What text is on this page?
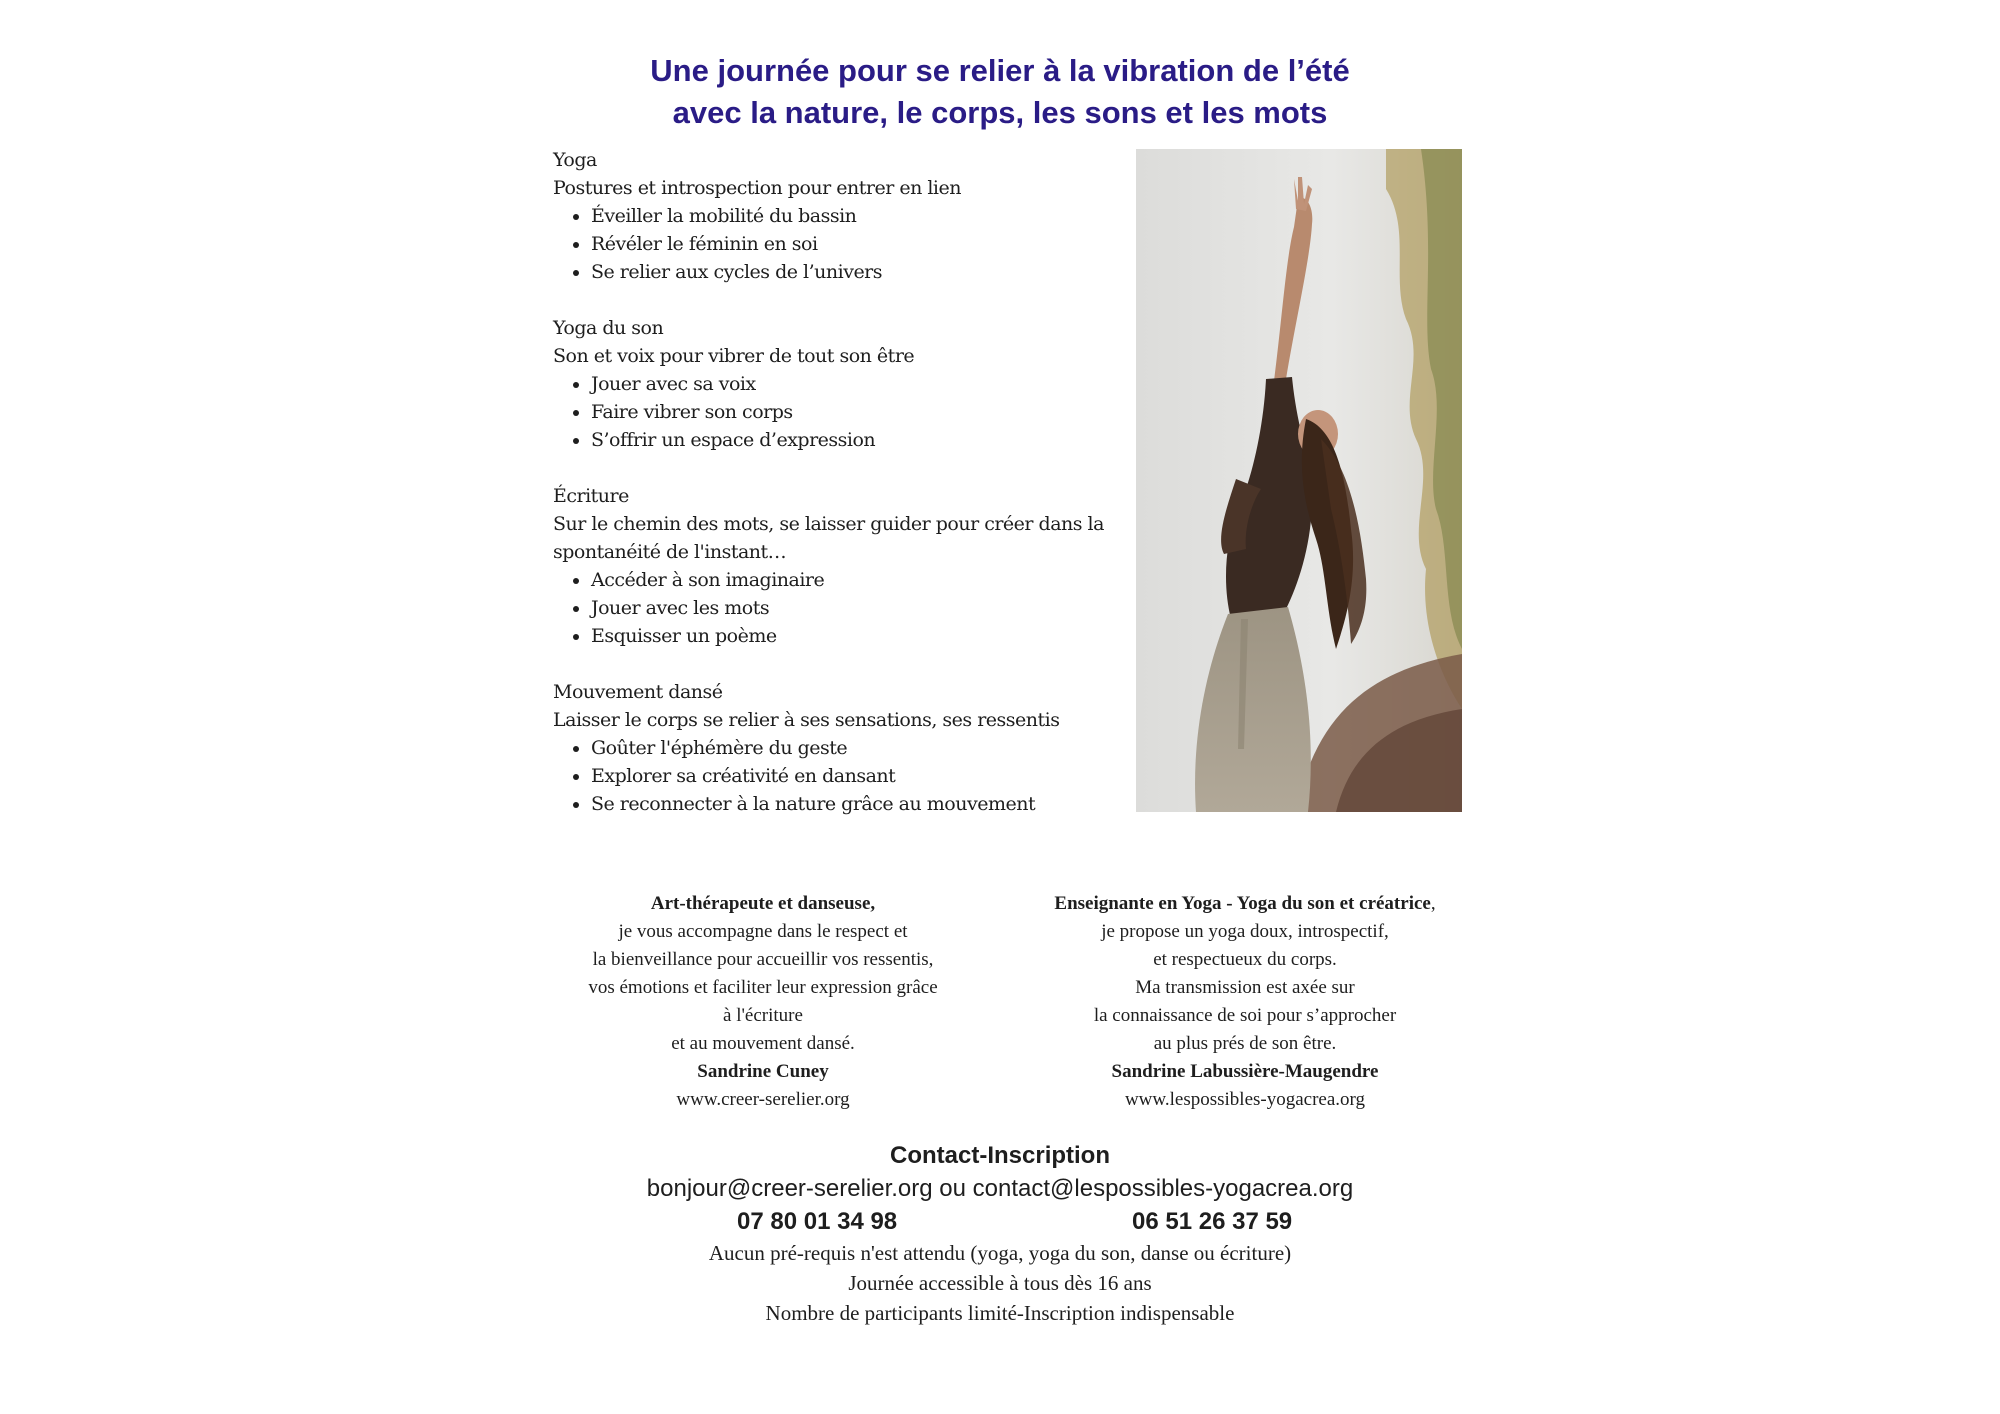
Une journée pour se relier à la vibration de l’été
avec la nature, le corps, les sons et les mots
Yoga
Postures et introspection pour entrer en lien
• Éveiller la mobilité du bassin
• Révéler le féminin en soi
• Se relier aux cycles de l’univers
Yoga du son
Son et voix pour vibrer de tout son être
• Jouer avec sa voix
• Faire vibrer son corps
• S’offrir un espace d’expression
Écriture
Sur le chemin des mots, se laisser guider pour créer dans la spontanéité de l'instant…
• Accéder à son imaginaire
• Jouer avec les mots
• Esquisser un poème
Mouvement dansé
Laisser le corps se relier à ses sensations, ses ressentis
• Goûter l'éphémère du geste
• Explorer sa créativité en dansant
• Se reconnecter à la nature grâce au mouvement
Art-thérapeute et danseuse,
je vous accompagne dans le respect et
la bienveillance pour accueillir vos ressentis,
vos émotions et faciliter leur expression grâce
à l'écriture
et au mouvement dansé.
Sandrine Cuney
www.creer-serelier.org
Enseignante en Yoga - Yoga du son et créatrice,
je propose un yoga doux, introspectif,
et respectueux du corps.
Ma transmission est axée sur
la connaissance de soi pour s’approcher
au plus prés de son être.
Sandrine Labussière-Maugendre
www.lespossibles-yogacrea.org
Contact-Inscription
bonjour@creer-serelier.org ou contact@lespossibles-yogacrea.org
07 80 01 34 98	06 51 26 37 59
Aucun pré-requis n'est attendu (yoga, yoga du son, danse ou écriture)
Journée accessible à tous dès 16 ans
Nombre de participants limité-Inscription indispensable
